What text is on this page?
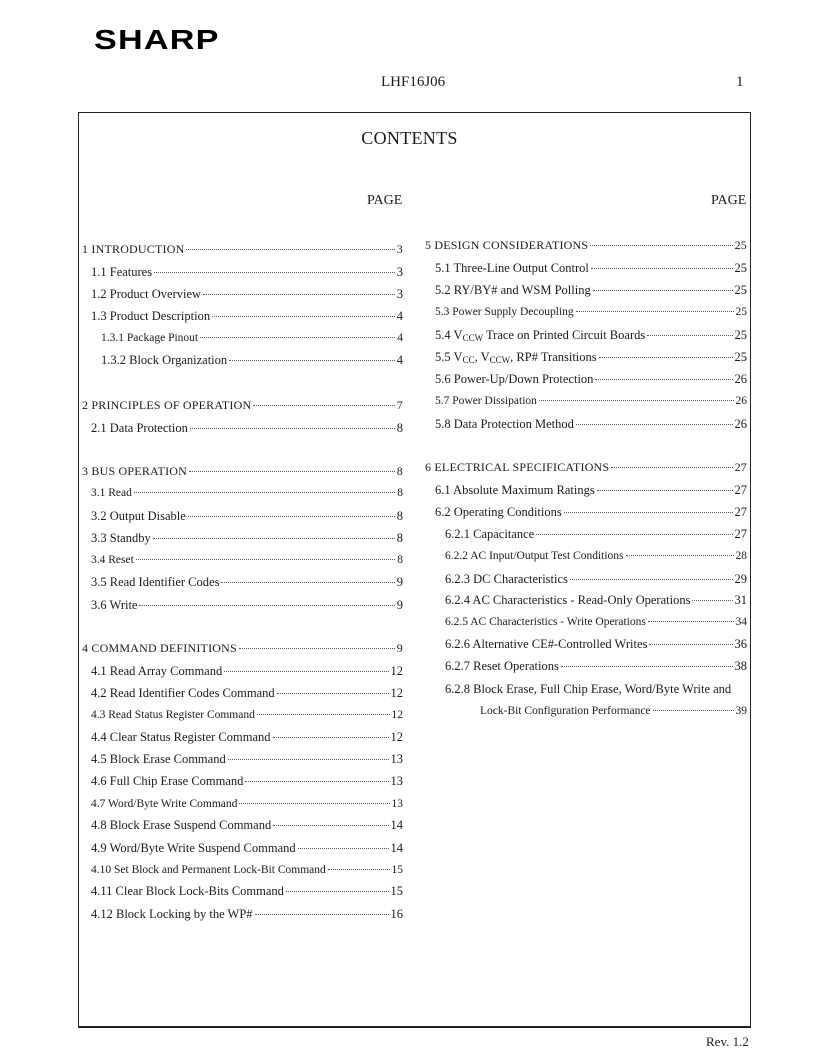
SHARP
LHF16J06	1
CONTENTS
PAGE	PAGE
1 INTRODUCTION	3
1.1 Features	3
1.2 Product Overview	3
1.3 Product Description	4
1.3.1 Package Pinout	4
1.3.2 Block Organization	4
2 PRINCIPLES OF OPERATION	7
2.1 Data Protection	8
3 BUS OPERATION	8
3.1 Read	8
3.2 Output Disable	8
3.3 Standby	8
3.4 Reset	8
3.5 Read Identifier Codes	9
3.6 Write	9
4 COMMAND DEFINITIONS	9
4.1 Read Array Command	12
4.2 Read Identifier Codes Command	12
4.3 Read Status Register Command	12
4.4 Clear Status Register Command	12
4.5 Block Erase Command	13
4.6 Full Chip Erase Command	13
4.7 Word/Byte Write Command	13
4.8 Block Erase Suspend Command	14
4.9 Word/Byte Write Suspend Command	14
4.10 Set Block and Permanent Lock-Bit Command	15
4.11 Clear Block Lock-Bits Command	15
4.12 Block Locking by the WP#	16
5 DESIGN CONSIDERATIONS	25
5.1 Three-Line Output Control	25
5.2 RY/BY# and WSM Polling	25
5.3 Power Supply Decoupling	25
5.4 $V_{CCW}$ Trace on Printed Circuit Boards	25
5.5 $V_{CC}$, $V_{CCW}$, RP# Transitions	25
5.6 Power-Up/Down Protection	26
5.7 Power Dissipation	26
5.8 Data Protection Method	26
6 ELECTRICAL SPECIFICATIONS	27
6.1 Absolute Maximum Ratings	27
6.2 Operating Conditions	27
6.2.1 Capacitance	27
6.2.2 AC Input/Output Test Conditions	28
6.2.3 DC Characteristics	29
6.2.4 AC Characteristics - Read-Only Operations	31
6.2.5 AC Characteristics - Write Operations	34
6.2.6 Alternative CE#-Controlled Writes	36
6.2.7 Reset Operations	38
6.2.8 Block Erase, Full Chip Erase, Word/Byte Write and
Lock-Bit Configuration Performance	39
Rev. 1.2
